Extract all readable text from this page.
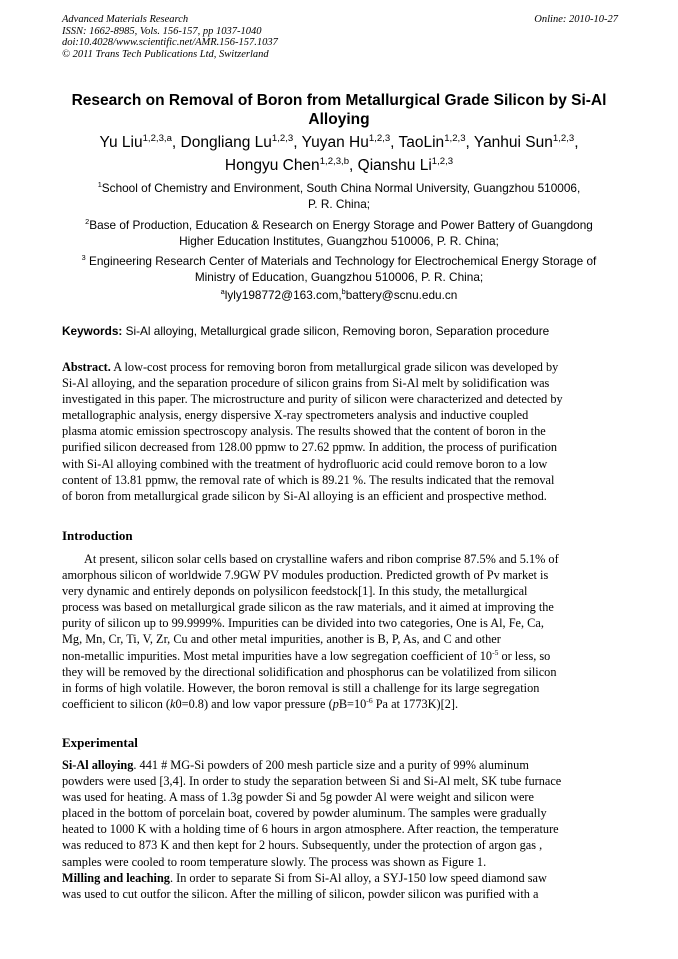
Advanced Materials Research
ISSN: 1662-8985, Vols. 156-157, pp 1037-1040
doi:10.4028/www.scientific.net/AMR.156-157.1037
© 2011 Trans Tech Publications Ltd, Switzerland
Online: 2010-10-27
Research on Removal of Boron from Metallurgical Grade Silicon by Si-Al
Alloying
Yu Liu$^{1,2,3,a}$, Dongliang Lu$^{1,2,3}$, Yuyan Hu$^{1,2,3}$, TaoLin$^{1,2,3}$, Yanhui Sun$^{1,2,3}$,
Hongyu Chen$^{1,2,3,b}$, Qianshu Li$^{1,2,3}$
$^1$School of Chemistry and Environment, South China Normal University, Guangzhou 510006,
P. R. China;
$^2$Base of Production, Education & Research on Energy Storage and Power Battery of Guangdong
Higher Education Institutes, Guangzhou 510006, P. R. China;
$^3$ Engineering Research Center of Materials and Technology for Electrochemical Energy Storage of
Ministry of Education, Guangzhou 510006, P. R. China;
$^a$lyly198772@163.com,$^b$battery@scnu.edu.cn
Keywords: Si-Al alloying, Metallurgical grade silicon, Removing boron, Separation procedure
Abstract. A low-cost process for removing boron from metallurgical grade silicon was developed by
Si-Al alloying, and the separation procedure of silicon grains from Si-Al melt by solidification was
investigated in this paper. The microstructure and purity of silicon were characterized and detected by
metallographic analysis, energy dispersive X-ray spectrometers analysis and inductive coupled
plasma atomic emission spectroscopy analysis. The results showed that the content of boron in the
purified silicon decreased from 128.00 ppmw to 27.62 ppmw. In addition, the process of purification
with Si-Al alloying combined with the treatment of hydrofluoric acid could remove boron to a low
content of 13.81 ppmw, the removal rate of which is 89.21 %. The results indicated that the removal
of boron from metallurgical grade silicon by Si-Al alloying is an efficient and prospective method.
Introduction
At present, silicon solar cells based on crystalline wafers and ribon comprise 87.5% and 5.1% of
amorphous silicon of worldwide 7.9GW PV modules production. Predicted growth of Pv market is
very dynamic and entirely deponds on polysilicon feedstock[1]. In this study, the metallurgical
process was based on metallurgical grade silicon as the raw materials, and it aimed at improving the
purity of silicon up to 99.9999%. Impurities can be divided into two categories, One is Al, Fe, Ca,
Mg, Mn, Cr, Ti, V, Zr, Cu and other metal impurities, another is B, P, As, and C and other
non-metallic impurities. Most metal impurities have a low segregation coefficient of $10^{-5}$ or less, so
they will be removed by the directional solidification and phosphorus can be volatilized from silicon
in forms of high volatile. However, the boron removal is still a challenge for its large segregation
coefficient to silicon (k0=0.8) and low vapor pressure ($pB=10^{-6}$ Pa at 1773K)[2].
Experimental
Si-Al alloying. 441 # MG-Si powders of 200 mesh particle size and a purity of 99% aluminum
powders were used [3,4]. In order to study the separation between Si and Si-Al melt, SK tube furnace
was used for heating. A mass of 1.3g powder Si and 5g powder Al were weight and silicon were
placed in the bottom of porcelain boat, covered by powder aluminum. The samples were gradually
heated to 1000 K with a holding time of 6 hours in argon atmosphere. After reaction, the temperature
was reduced to 873 K and then kept for 2 hours. Subsequently, under the protection of argon gas ,
samples were cooled to room temperature slowly. The process was shown as Figure 1.
Milling and leaching. In order to separate Si from Si-Al alloy, a SYJ-150 low speed diamond saw
was used to cut outfor the silicon. After the milling of silicon, powder silicon was purified with a
